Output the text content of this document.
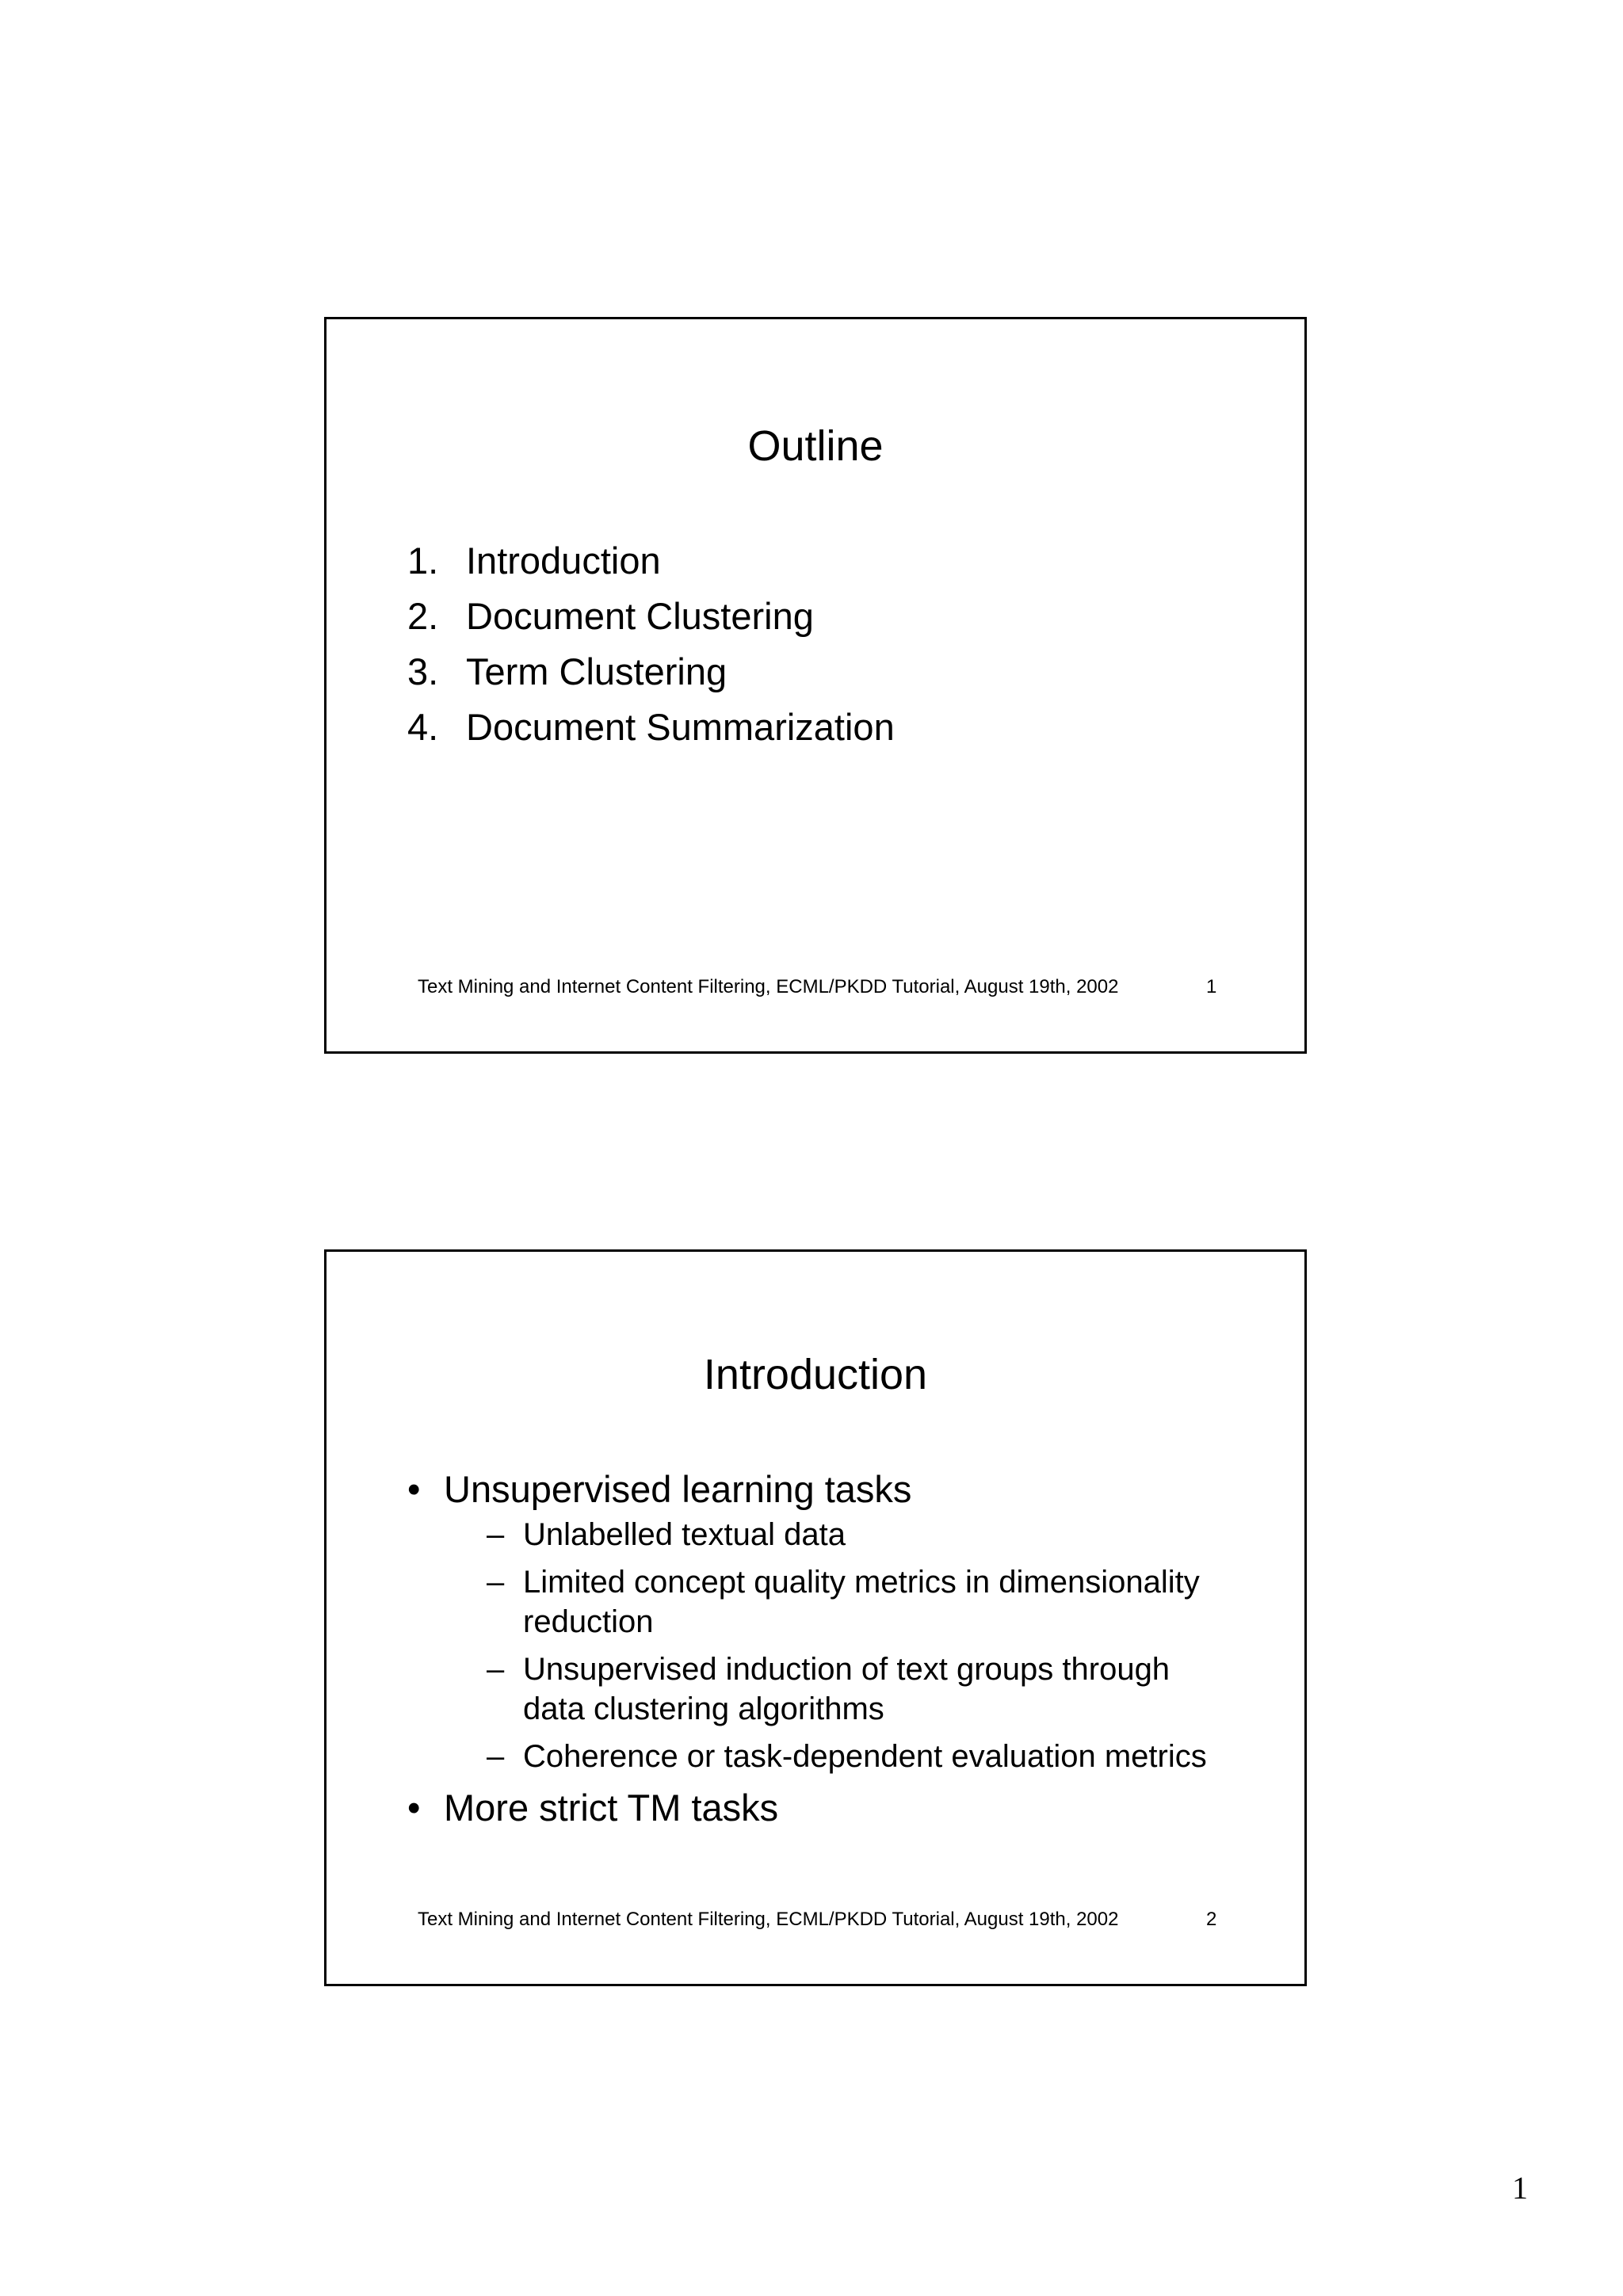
Outline
1. Introduction
2. Document Clustering
3. Term Clustering
4. Document Summarization
Text Mining and Internet Content Filtering, ECML/PKDD Tutorial, August 19th, 2002	1
Introduction
• Unsupervised learning tasks
– Unlabelled textual data
– Limited concept quality metrics in dimensionality reduction
– Unsupervised induction of text groups through data clustering algorithms
– Coherence or task-dependent evaluation metrics
• More strict TM tasks
Text Mining and Internet Content Filtering, ECML/PKDD Tutorial, August 19th, 2002	2
1
